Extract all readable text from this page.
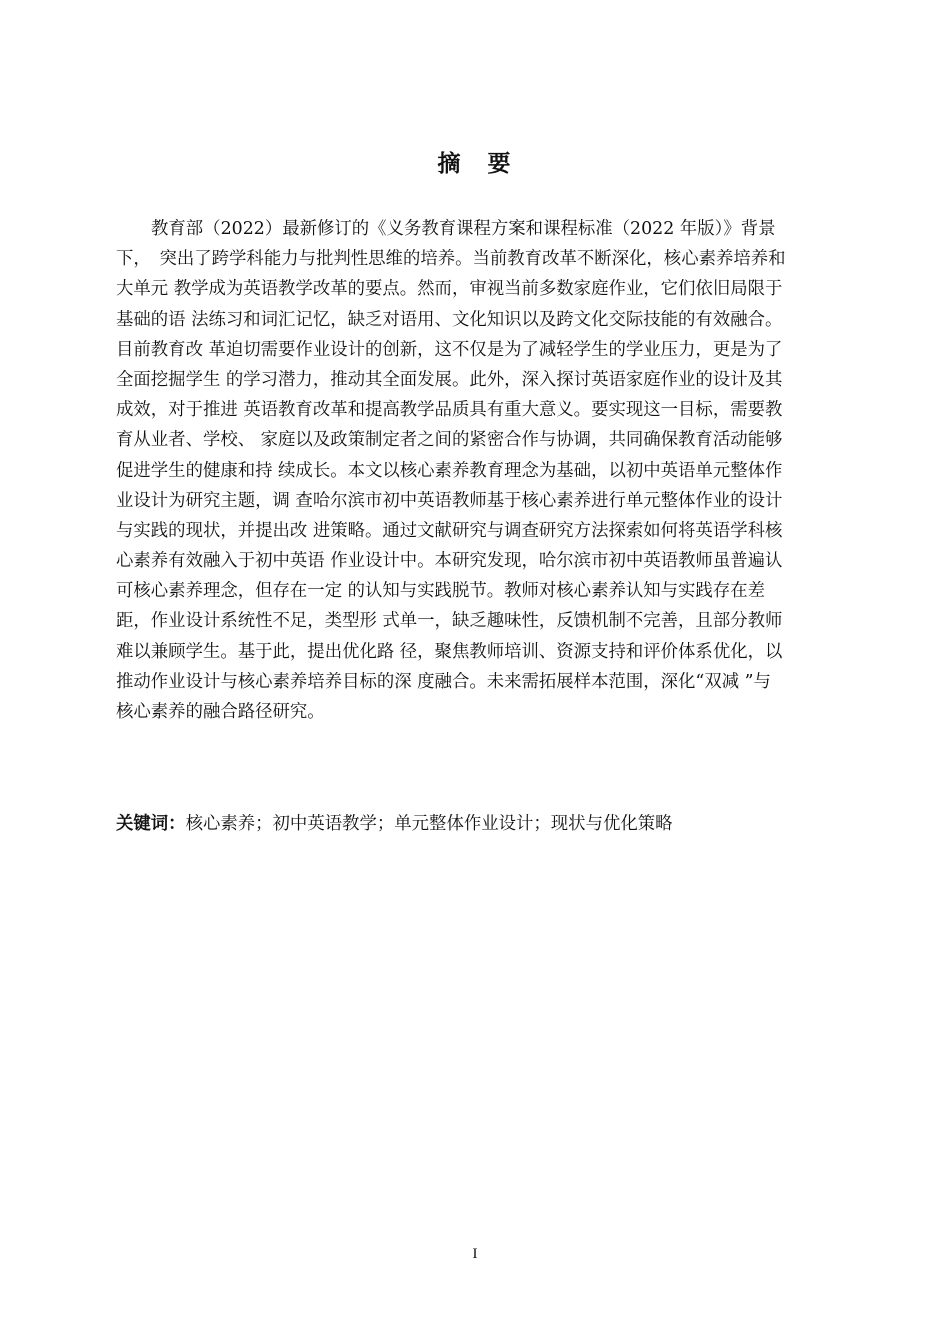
摘　要
教育部（2022）最新修订的《义务教育课程方案和课程标准（2022 年版）》背景
下，　突出了跨学科能力与批判性思维的培养。当前教育改革不断深化，核心素养培养和
大单元 教学成为英语教学改革的要点。然而，审视当前多数家庭作业，它们依旧局限于
基础的语 法练习和词汇记忆，缺乏对语用、文化知识以及跨文化交际技能的有效融合。
目前教育改 革迫切需要作业设计的创新，这不仅是为了减轻学生的学业压力，更是为了
全面挖掘学生 的学习潜力，推动其全面发展。此外，深入探讨英语家庭作业的设计及其
成效，对于推进 英语教育改革和提高教学品质具有重大意义。要实现这一目标，需要教
育从业者、学校、 家庭以及政策制定者之间的紧密合作与协调，共同确保教育活动能够
促进学生的健康和持 续成长。本文以核心素养教育理念为基础，以初中英语单元整体作
业设计为研究主题，调 查哈尔滨市初中英语教师基于核心素养进行单元整体作业的设计
与实践的现状，并提出改 进策略。通过文献研究与调查研究方法探索如何将英语学科核
心素养有效融入于初中英语 作业设计中。本研究发现，哈尔滨市初中英语教师虽普遍认
可核心素养理念，但存在一定 的认知与实践脱节。教师对核心素养认知与实践存在差
距，作业设计系统性不足，类型形 式单一，缺乏趣味性，反馈机制不完善，且部分教师
难以兼顾学生。基于此，提出优化路 径，聚焦教师培训、资源支持和评价体系优化，以
推动作业设计与核心素养培养目标的深 度融合。未来需拓展样本范围，深化“双减 ”与
核心素养的融合路径研究。
关键词：核心素养；初中英语教学；单元整体作业设计；现状与优化策略
I
